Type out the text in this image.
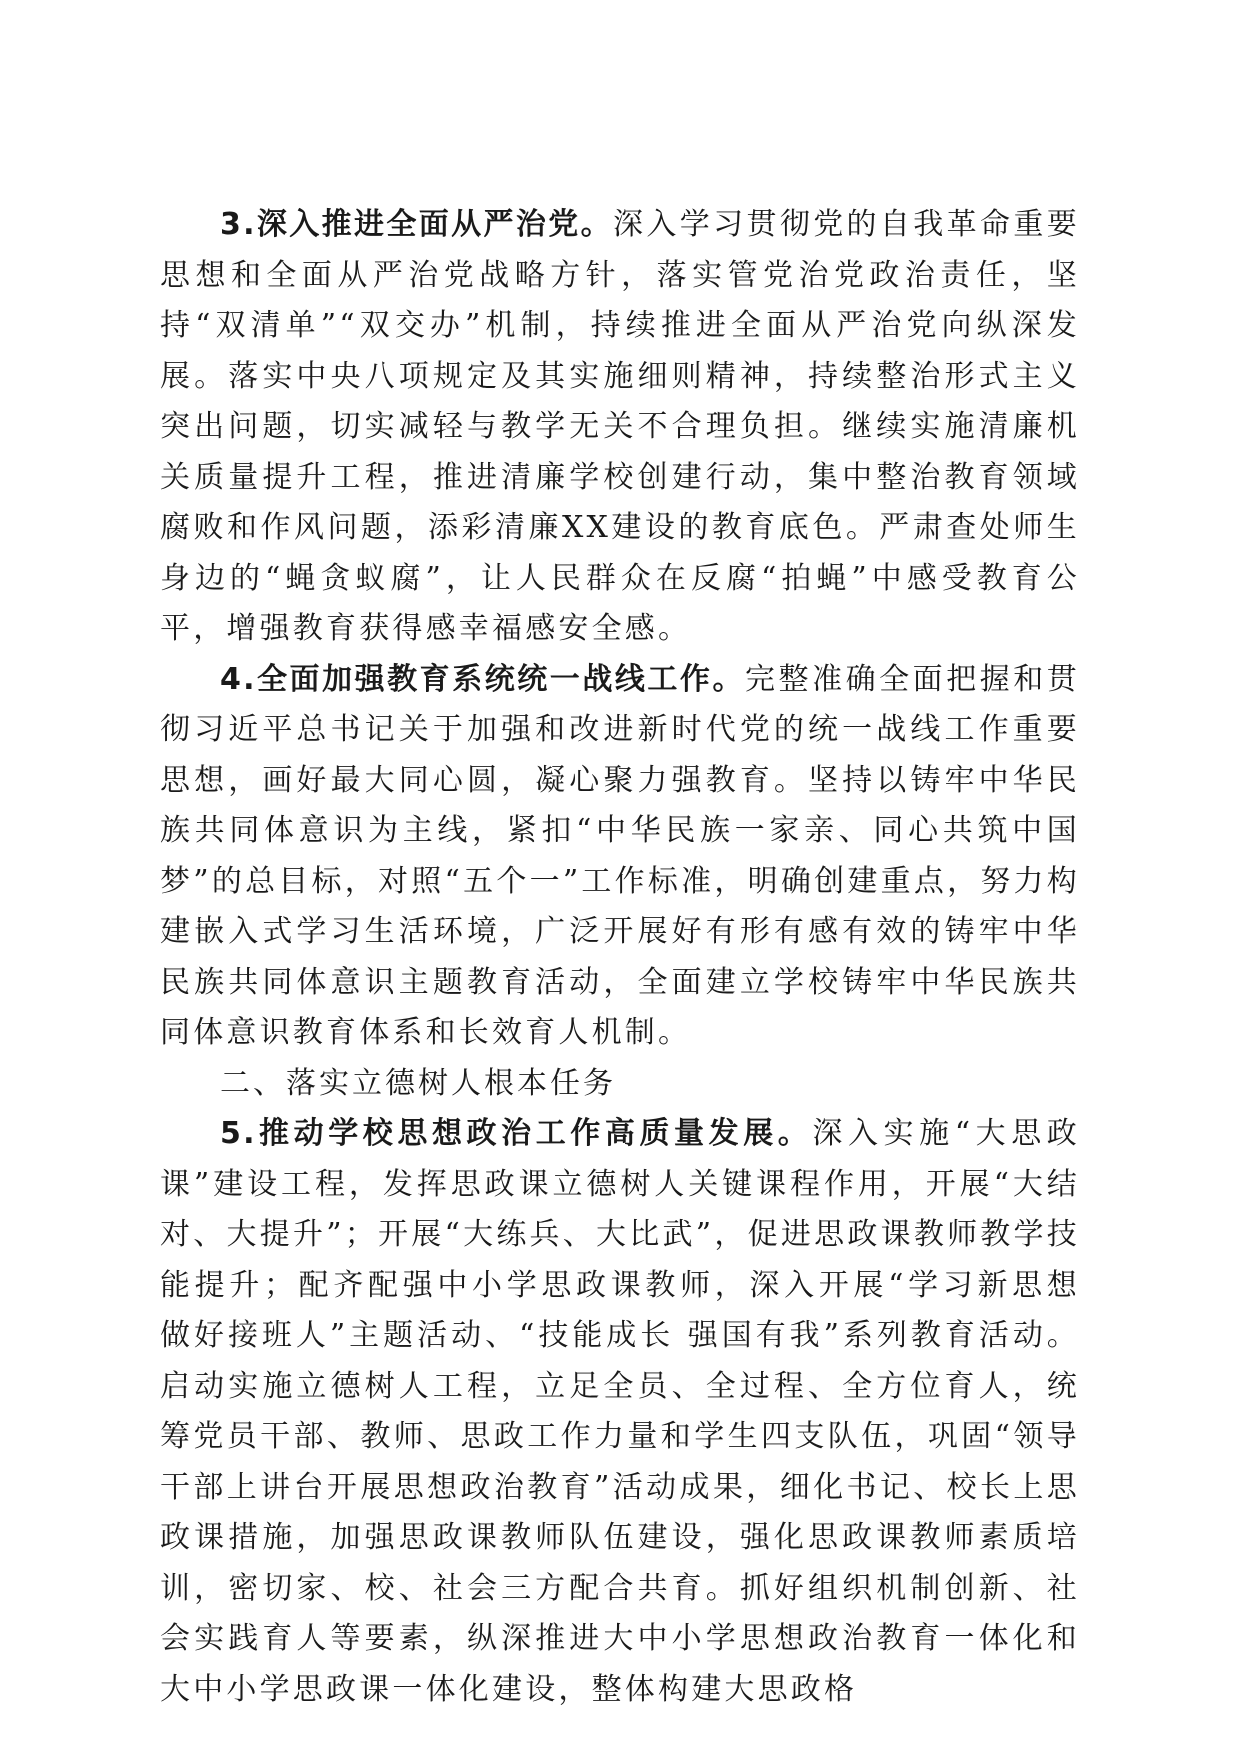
3.深入推进全面从严治党。深入学习贯彻党的自我革命重要思想和全面从严治党战略方针，落实管党治党政治责任，坚持“双清单”“双交办”机制，持续推进全面从严治党向纵深发展。落实中央八项规定及其实施细则精神，持续整治形式主义突出问题，切实减轻与教学无关不合理负担。继续实施清廉机关质量提升工程，推进清廉学校创建行动，集中整治教育领域腐败和作风问题，添彩清廉XX建设的教育底色。严肃查处师生身边的“蝇贪蚁腐”，让人民群众在反腐“拍蝇”中感受教育公平，增强教育获得感幸福感安全感。

4.全面加强教育系统统一战线工作。完整准确全面把握和贯彻习近平总书记关于加强和改进新时代党的统一战线工作重要思想，画好最大同心圆，凝心聚力强教育。坚持以铸牢中华民族共同体意识为主线，紧扣“中华民族一家亲、同心共筑中国梦”的总目标，对照“五个一”工作标准，明确创建重点，努力构建嵌入式学习生活环境，广泛开展好有形有感有效的铸牢中华民族共同体意识主题教育活动，全面建立学校铸牢中华民族共同体意识教育体系和长效育人机制。

二、落实立德树人根本任务

5.推动学校思想政治工作高质量发展。深入实施“大思政课”建设工程，发挥思政课立德树人关键课程作用，开展“大结对、大提升”；开展“大练兵、大比武”，促进思政课教师教学技能提升；配齐配强中小学思政课教师，深入开展“学习新思想 做好接班人”主题活动、“技能成长 强国有我”系列教育活动。启动实施立德树人工程，立足全员、全过程、全方位育人，统筹党员干部、教师、思政工作力量和学生四支队伍，巩固“领导干部上讲台开展思想政治教育”活动成果，细化书记、校长上思政课措施，加强思政课教师队伍建设，强化思政课教师素质培训，密切家、校、社会三方配合共育。抓好组织机制创新、社会实践育人等要素，纵深推进大中小学思想政治教育一体化和大中小学思政课一体化建设，整体构建大思政格
